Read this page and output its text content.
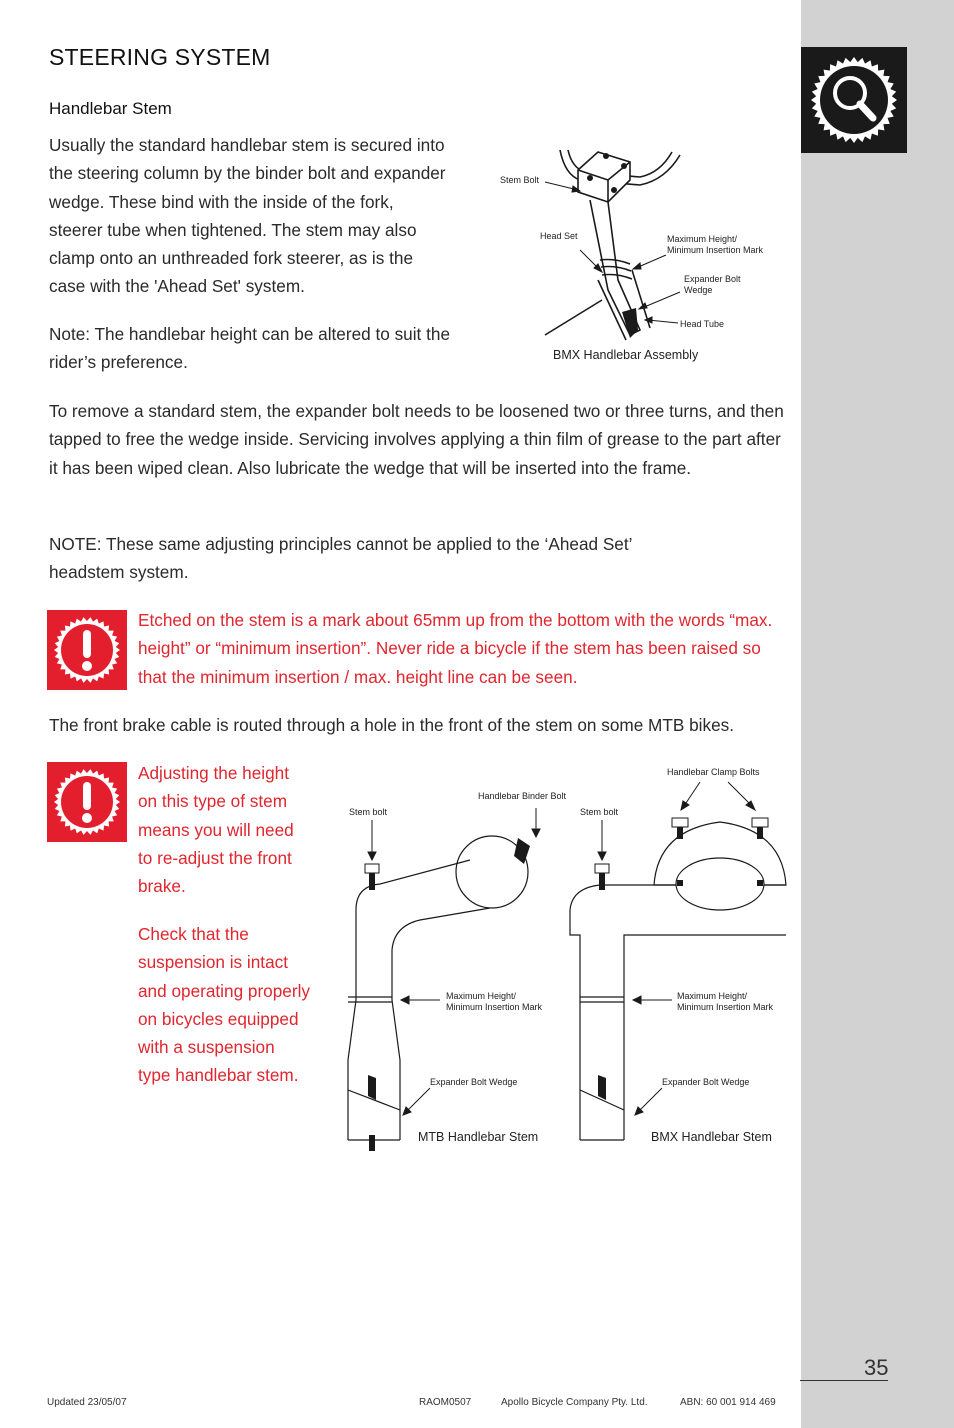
STEERING SYSTEM
Handlebar Stem

Usually the standard handlebar stem is secured into the steering column by the binder bolt and expander wedge. These bind with the inside of the fork, steerer tube when tightened. The stem may also clamp onto an unthreaded fork steerer, as is the case with the 'Ahead Set' system.

Note: The handlebar height can be altered to suit the rider’s preference.

To remove a standard stem, the expander bolt needs to be loosened two or three turns, and then tapped to free the wedge inside. Servicing involves applying a thin film of grease to the part after it has been wiped clean. Also lubricate the wedge that will be inserted into the frame.

NOTE: These same adjusting principles cannot be applied to the ‘Ahead Set’ headstem system.

Etched on the stem is a mark about 65mm up from the bottom with the words “max. height” or “minimum insertion”. Never ride a bicycle if the stem has been raised so that the minimum insertion / max. height line can be seen.

The front brake cable is routed through a hole in the front of the stem on some MTB bikes.

Adjusting the height on this type of stem means you will need to re-adjust the front brake.

Check that the suspension is intact and operating properly on bicycles equipped with a suspension type handlebar stem.

Stem Bolt
Head Set	Maximum Height/
Minimum Insertion Mark
Expander Bolt
Wedge
Head Tube
BMX Handlebar Assembly
Stem bolt
Handlebar Binder Bolt
Maximum Height/
Minimum Insertion Mark
Expander Bolt Wedge
MTB Handlebar Stem
Handlebar Clamp Bolts
Stem bolt
Maximum Height/
Minimum Insertion Mark
Expander Bolt Wedge
BMX Handlebar Stem
35
Updated 23/05/07	RAOM0507	Apollo Bicycle Company Pty. Ltd.	ABN: 60 001 914 469
